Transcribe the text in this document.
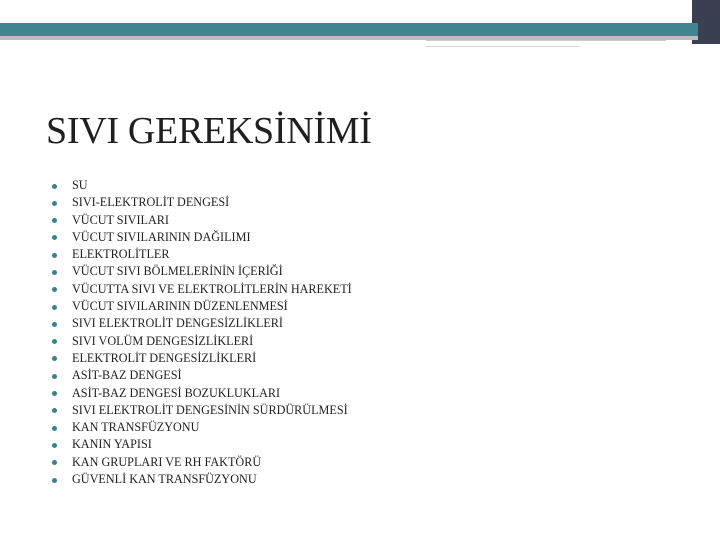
SIVI GEREKSİNİMİ
SU
SIVI-ELEKTROLİT DENGESİ
VÜCUT SIVILARI
VÜCUT SIVILARININ DAĞILIMI
ELEKTROLİTLER
VÜCUT SIVI BÖLMELERİNİN İÇERİĞİ
VÜCUTTA SIVI VE ELEKTROLİTLERİN HAREKETİ
VÜCUT SIVILARININ DÜZENLENMESİ
SIVI ELEKTROLİT DENGESİZLİKLERİ
SIVI VOLÜM DENGESİZLİKLERİ
ELEKTROLİT DENGESİZLİKLERİ
ASİT-BAZ DENGESİ
ASİT-BAZ DENGESİ BOZUKLUKLARI
SIVI ELEKTROLİT DENGESİNİN SÜRDÜRÜLMESİ
KAN TRANSFÜZYONU
KANIN YAPISI
KAN GRUPLARI VE RH FAKTÖRÜ
GÜVENLİ KAN TRANSFÜZYONU
